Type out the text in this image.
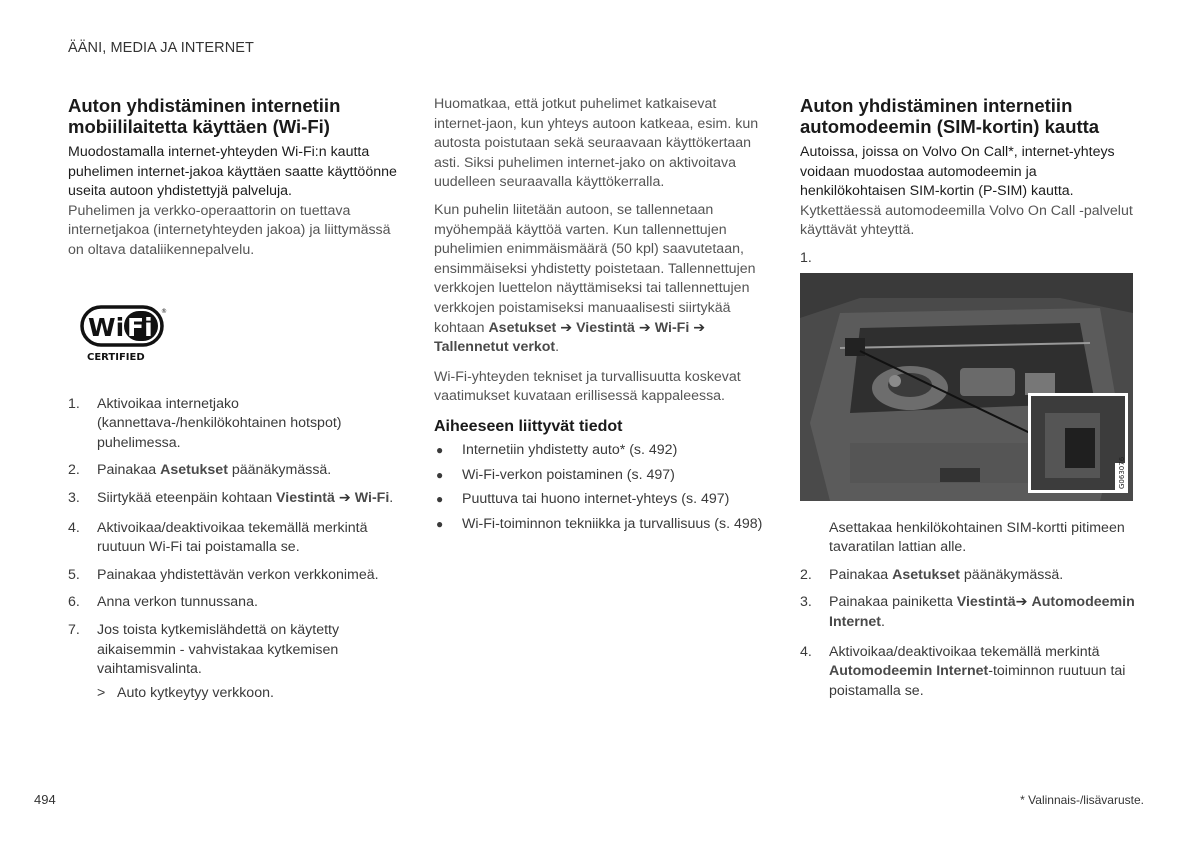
ÄÄNI, MEDIA JA INTERNET
Auton yhdistäminen internetiin mobiililaitetta käyttäen (Wi-Fi)

Muodostamalla internet-yhteyden Wi-Fi:n kautta puhelimen internet-jakoa käyttäen saatte käyttöönne useita autoon yhdistettyjä palveluja.

Puhelimen ja verkko-operaattorin on tuettava internetjakoa (internetyhteyden jakoa) ja liittymässä on oltava dataliikennepalvelu.

Wi Fi
®
CERTIFIED
1. Aktivoikaa internetjako (kannettava-/henkilökohtainen hotspot) puhelimessa.
2. Painakaa Asetukset päänäkymässä.
3. Siirtykää eteenpäin kohtaan Viestintä ➔ Wi-Fi.
4. Aktivoikaa/deaktivoikaa tekemällä merkintä ruutuun Wi-Fi tai poistamalla se.
5. Painakaa yhdistettävän verkon verkkonimeä.
6. Anna verkon tunnussana.
7. Jos toista kytkemislähdettä on käytetty aikaisemmin - vahvistakaa kytkemisen vaihtamisvalinta.
> Auto kytkeytyy verkkoon.

Huomatkaa, että jotkut puhelimet katkaisevat internet-jaon, kun yhteys autoon katkeaa, esim. kun autosta poistutaan sekä seuraavaan käyttökertaan asti. Siksi puhelimen internet-jako on aktivoitava uudelleen seuraavalla käyttökerralla.

Kun puhelin liitetään autoon, se tallennetaan myöhempää käyttöä varten. Kun tallennettujen puhelimien enimmäismäärä (50 kpl) saavutetaan, ensimmäiseksi yhdistetty poistetaan. Tallennettujen verkkojen luettelon näyttämiseksi tai tallennettujen verkkojen poistamiseksi manuaalisesti siirtykää kohtaan Asetukset ➔ Viestintä ➔ Wi-Fi ➔ Tallennetut verkot.

Wi-Fi-yhteyden tekniset ja turvallisuutta koskevat vaatimukset kuvataan erillisessä kappaleessa.

Aiheeseen liittyvät tiedot
● Internetiin yhdistetty auto* (s. 492)
● Wi-Fi-verkon poistaminen (s. 497)
● Puuttuva tai huono internet-yhteys (s. 497)
● Wi-Fi-toiminnon tekniikka ja turvallisuus (s. 498)
Auton yhdistäminen internetiin automodeemin (SIM-kortin) kautta

Autoissa, joissa on Volvo On Call*, internet-yhteys voidaan muodostaa automodeemin ja henkilökohtaisen SIM-kortin (P-SIM) kautta.

Kytkettäessä automodeemilla Volvo On Call -palvelut käyttävät yhteyttä.

1.
G063076
Asettakaa henkilökohtainen SIM-kortti pitimeen tavaratilan lattian alle.
2. Painakaa Asetukset päänäkymässä.
3. Painakaa painiketta Viestintä➔ Automodeemin Internet.
4. Aktivoikaa/deaktivoikaa tekemällä merkintä Automodeemin Internet-toiminnon ruutuun tai poistamalla se.
494	* Valinnais-/lisävaruste.
